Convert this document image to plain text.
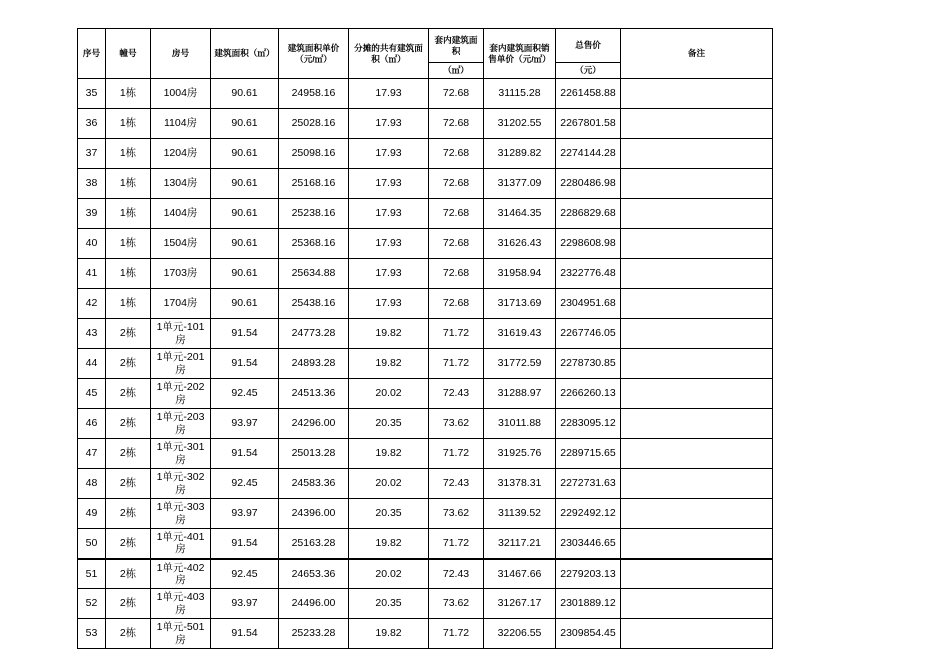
序号	幢号	房号	建筑面积（㎡）	建筑面积单价（元/㎡）	分摊的共有建筑面积（㎡）	套内建筑面积	套内建筑面积销售单价（元/㎡）	总售价	备注
						（㎡）		（元）	
35	1栋	1004房	90.61	24958.16	17.93	72.68	31115.28	2261458.88	
36	1栋	1104房	90.61	25028.16	17.93	72.68	31202.55	2267801.58	
37	1栋	1204房	90.61	25098.16	17.93	72.68	31289.82	2274144.28	
38	1栋	1304房	90.61	25168.16	17.93	72.68	31377.09	2280486.98	
39	1栋	1404房	90.61	25238.16	17.93	72.68	31464.35	2286829.68	
40	1栋	1504房	90.61	25368.16	17.93	72.68	31626.43	2298608.98	
41	1栋	1703房	90.61	25634.88	17.93	72.68	31958.94	2322776.48	
42	1栋	1704房	90.61	25438.16	17.93	72.68	31713.69	2304951.68	
43	2栋	1单元-101房	91.54	24773.28	19.82	71.72	31619.43	2267746.05	
44	2栋	1单元-201房	91.54	24893.28	19.82	71.72	31772.59	2278730.85	
45	2栋	1单元-202房	92.45	24513.36	20.02	72.43	31288.97	2266260.13	
46	2栋	1单元-203房	93.97	24296.00	20.35	73.62	31011.88	2283095.12	
47	2栋	1单元-301房	91.54	25013.28	19.82	71.72	31925.76	2289715.65	
48	2栋	1单元-302房	92.45	24583.36	20.02	72.43	31378.31	2272731.63	
49	2栋	1单元-303房	93.97	24396.00	20.35	73.62	31139.52	2292492.12	
50	2栋	1单元-401房	91.54	25163.28	19.82	71.72	32117.21	2303446.65	
51	2栋	1单元-402房	92.45	24653.36	20.02	72.43	31467.66	2279203.13	
52	2栋	1单元-403房	93.97	24496.00	20.35	73.62	31267.17	2301889.12	
53	2栋	1单元-501房	91.54	25233.28	19.82	71.72	32206.55	2309854.45	
